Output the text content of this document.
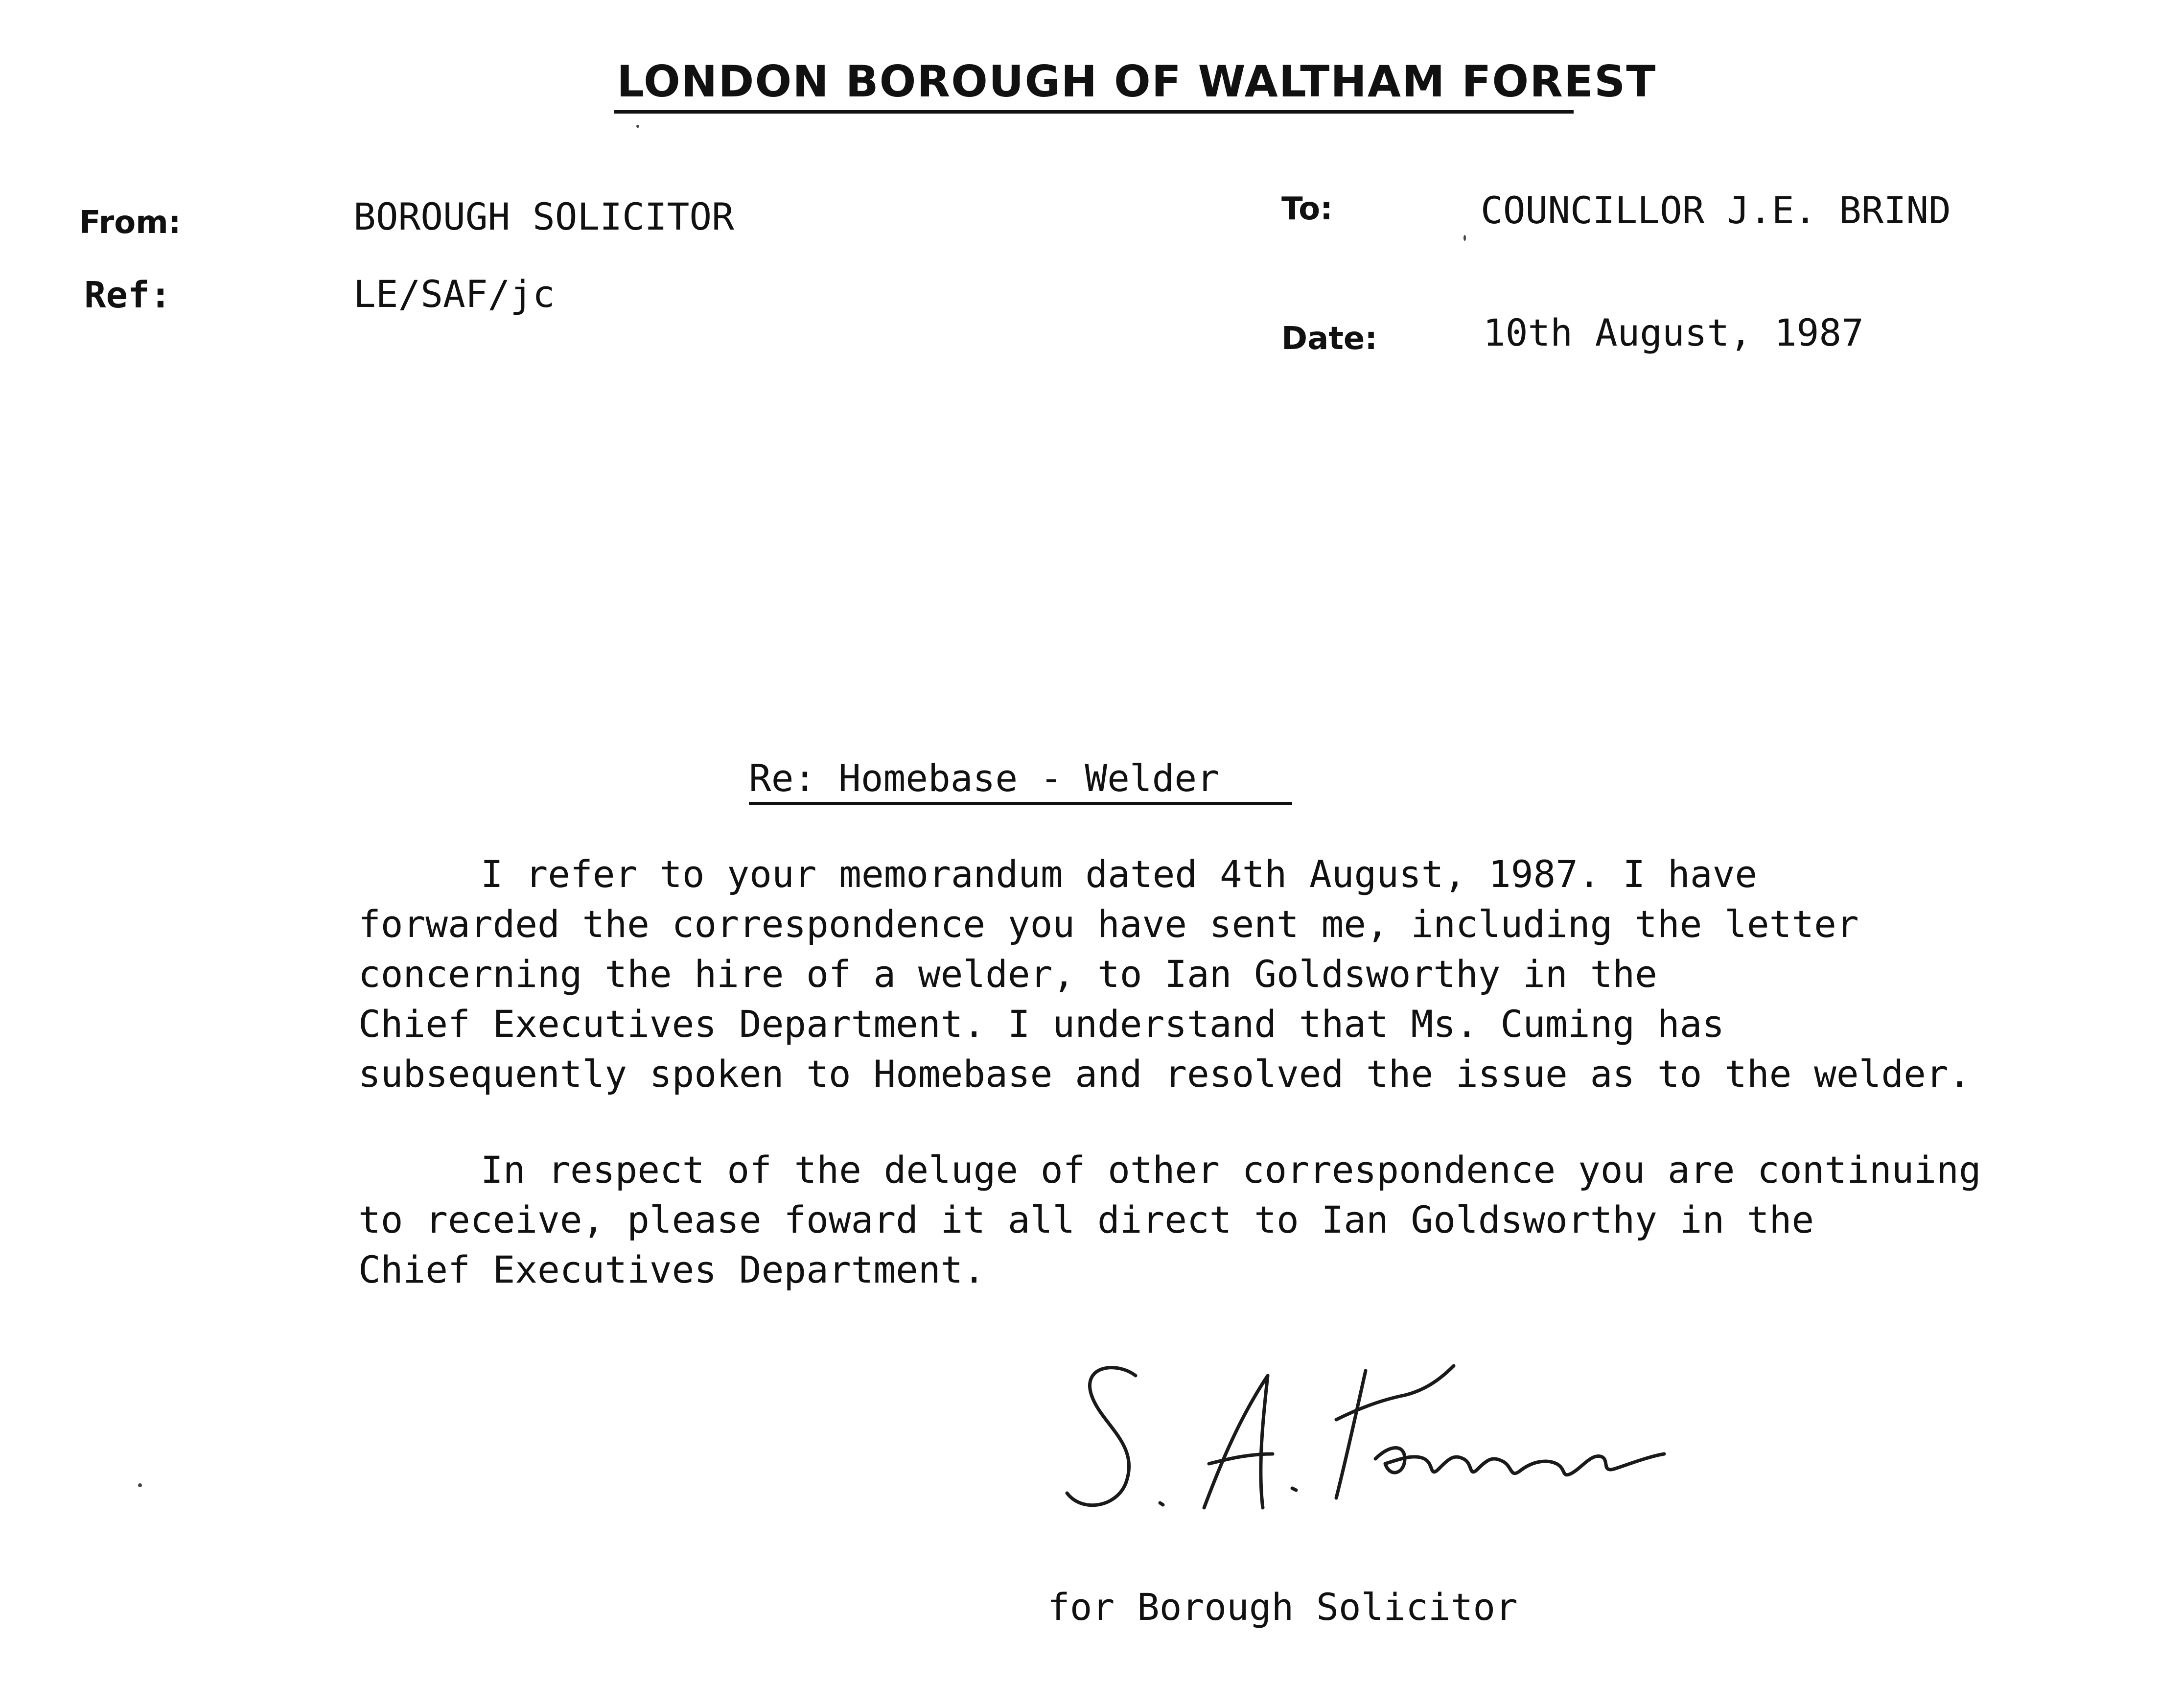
LONDON BOROUGH OF WALTHAM FOREST
From:	BOROUGH SOLICITOR
Ref:	LE/SAF/jc
To:	COUNCILLOR J.E. BRIND
Date:	10th August, 1987
Re: Homebase - Welder
I refer to your memorandum dated 4th August, 1987. I have
forwarded the correspondence you have sent me, including the letter
concerning the hire of a welder, to Ian Goldsworthy in the
Chief Executives Department. I understand that Ms. Cuming has
subsequently spoken to Homebase and resolved the issue as to the welder.
In respect of the deluge of other correspondence you are continuing
to receive, please foward it all direct to Ian Goldsworthy in the
Chief Executives Department.
for Borough Solicitor
